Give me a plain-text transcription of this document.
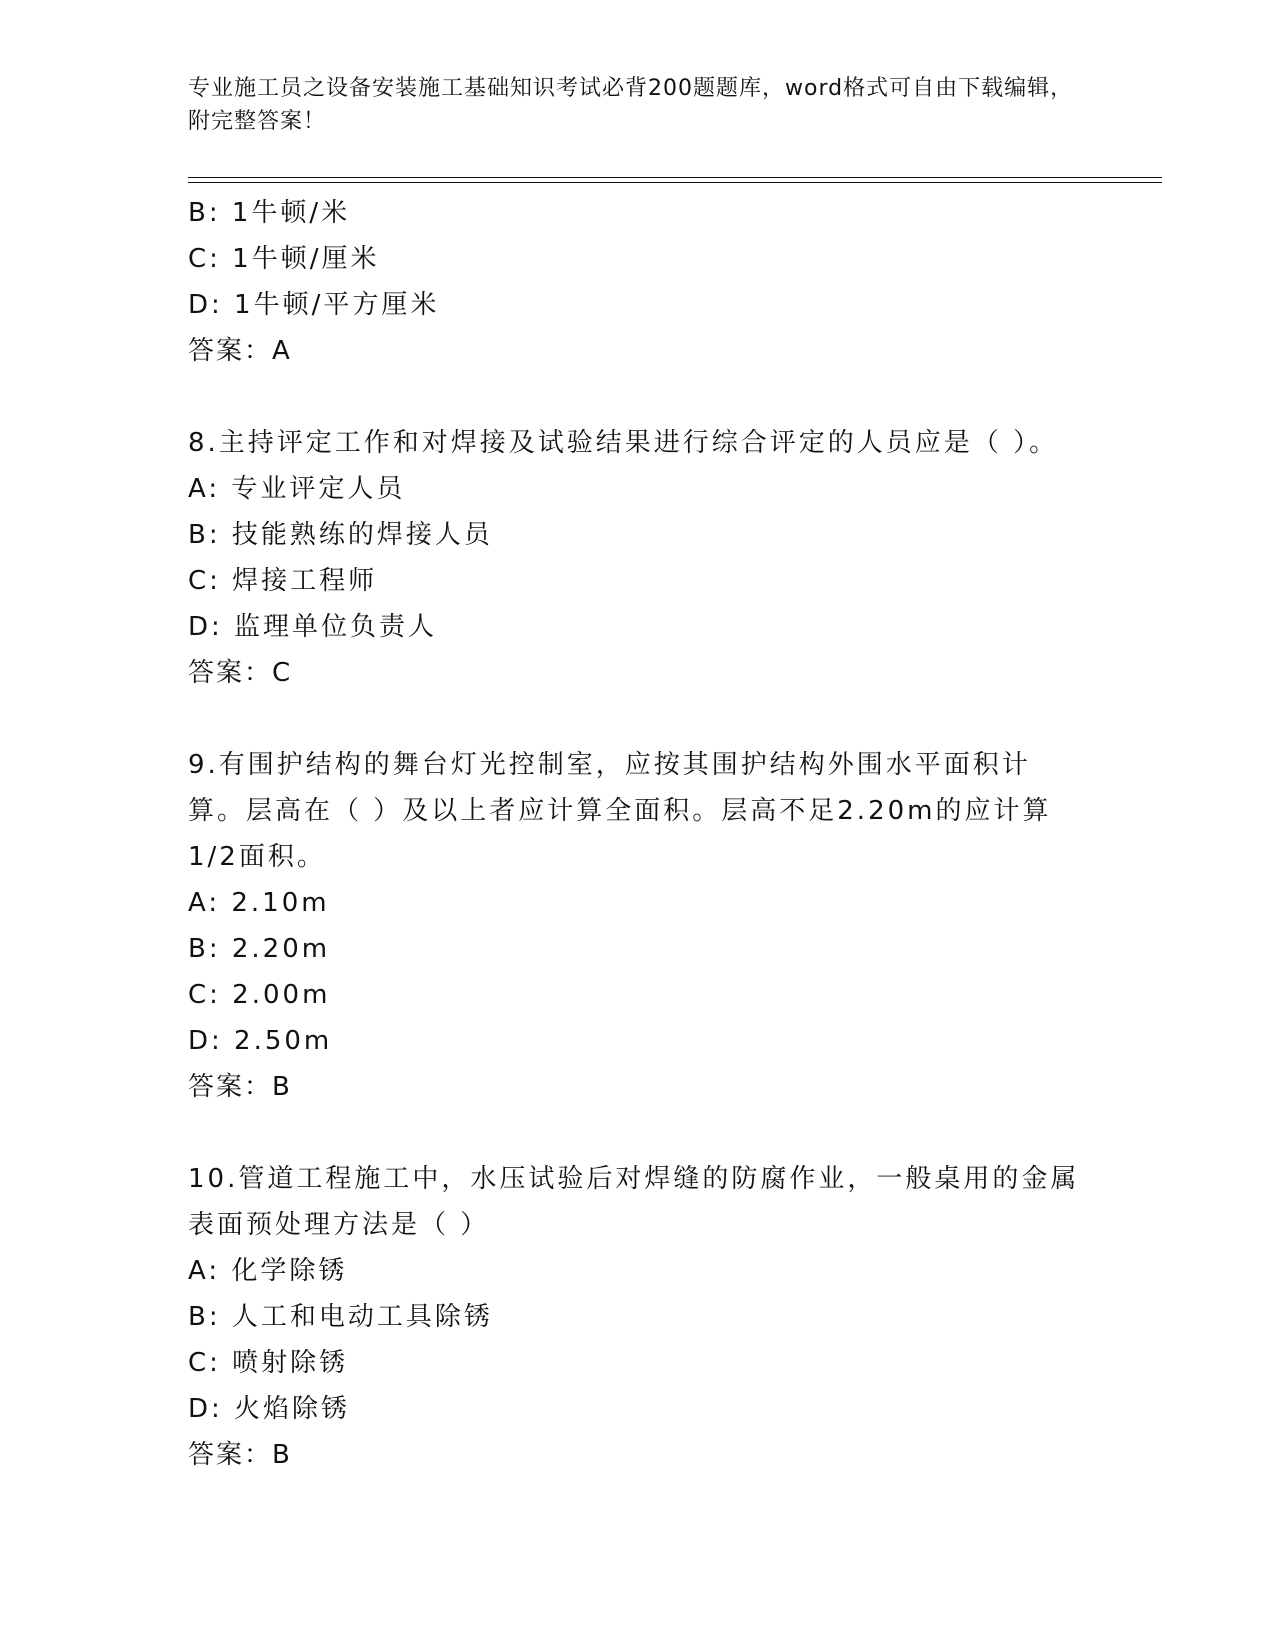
专业施工员之设备安装施工基础知识考试必背200题题库，word格式可自由下载编辑，附完整答案！
B: 1牛顿/米
C: 1牛顿/厘米
D: 1牛顿/平方厘米
答案：A
8.主持评定工作和对焊接及试验结果进行综合评定的人员应是（ ）。
A: 专业评定人员
B: 技能熟练的焊接人员
C: 焊接工程师
D: 监理单位负责人
答案：C
9.有围护结构的舞台灯光控制室，应按其围护结构外围水平面积计算。层高在（ ）及以上者应计算全面积。层高不足2.20m的应计算1/2面积。
A: 2.10m
B: 2.20m
C: 2.00m
D: 2.50m
答案：B
10.管道工程施工中，水压试验后对焊缝的防腐作业，一般桌用的金属表面预处理方法是（ ）
A: 化学除锈
B: 人工和电动工具除锈
C: 喷射除锈
D: 火焰除锈
答案：B
